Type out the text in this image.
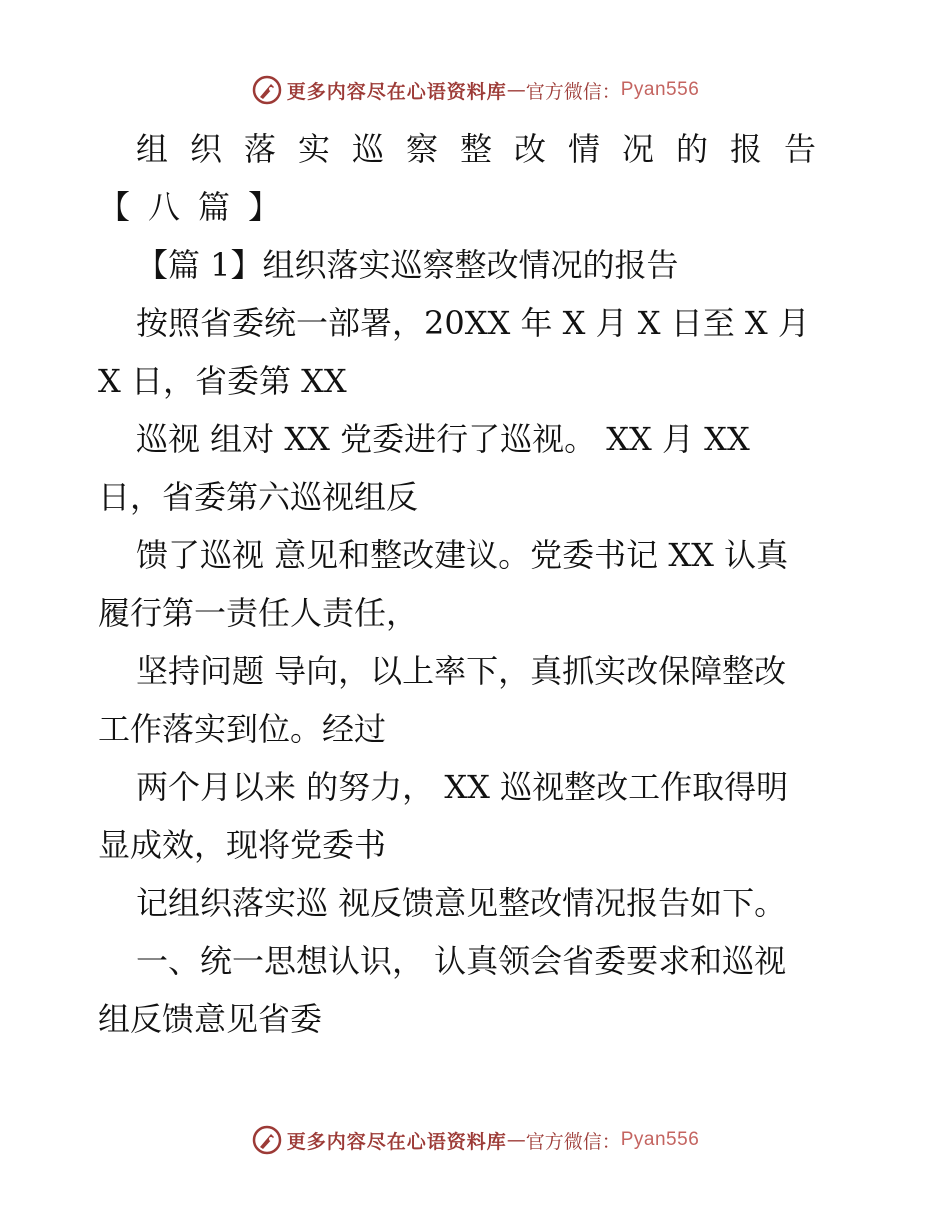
更多内容尽在心语资料库 — 官方微信： Pyan556
组织落实巡察整改情况的报告
【八篇】
【篇 1】组织落实巡察整改情况的报告
按照省委统一部署，20XX 年 X 月 X 日至 X 月
X 日，省委第 XX
巡视 组对 XX 党委进行了巡视。 XX 月 XX
日，省委第六巡视组反
馈了巡视 意见和整改建议。党委书记 XX 认真
履行第一责任人责任，
坚持问题 导向，以上率下，真抓实改保障整改
工作落实到位。经过
两个月以来 的努力， XX 巡视整改工作取得明
显成效，现将党委书
记组织落实巡 视反馈意见整改情况报告如下。
一、统一思想认识， 认真领会省委要求和巡视
组反馈意见省委
更多内容尽在心语资料库 — 官方微信： Pyan556
